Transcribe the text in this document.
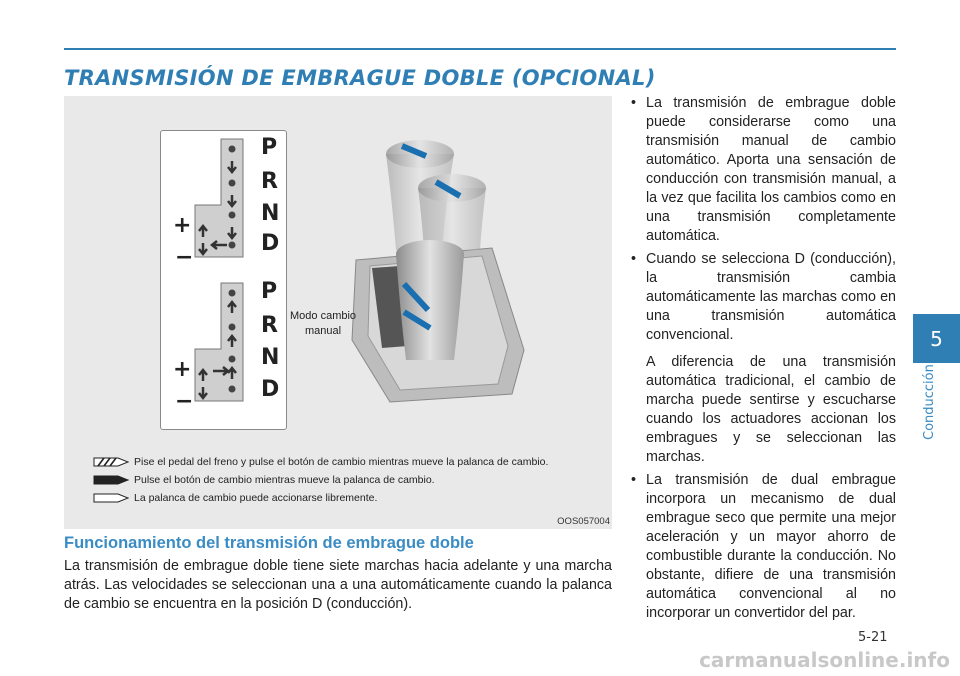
TRANSMISIÓN DE EMBRAGUE DOBLE (OPCIONAL)
P
R
N
D
P
R
N
D
+
−
+
−
Modo cambio
manual
Pise el pedal del freno y pulse el botón de cambio mientras mueve la palanca de cambio.
Pulse el botón de cambio mientras mueve la palanca de cambio.
La palanca de cambio puede accionarse libremente.
OOS057004
Funcionamiento del transmisión de embrague doble
La transmisión de embrague doble tiene siete marchas hacia adelante y una marcha atrás. Las velocidades se seleccionan una a una automáticamente cuando la palanca de cambio se encuentra en la posición D (conducción).
• La transmisión de embrague doble puede considerarse como una transmisión manual de cambio automático. Aporta una sensación de conducción con transmisión manual, a la vez que facilita los cambios como en una transmisión completamente automática.
• Cuando se selecciona D (conducción), la transmisión cambia automáticamente las marchas como en una transmisión automática convencional.
A diferencia de una transmisión automática tradicional, el cambio de marcha puede sentirse y escucharse cuando los actuadores accionan los embragues y se seleccionan las marchas.
• La transmisión de dual embrague incorpora un mecanismo de dual embrague seco que permite una mejor aceleración y un mayor ahorro de combustible durante la conducción. No obstante, difiere de una transmisión automática convencional al no incorporar un convertidor del par.
5
Conducción
5-21
carmanualsonline.info
